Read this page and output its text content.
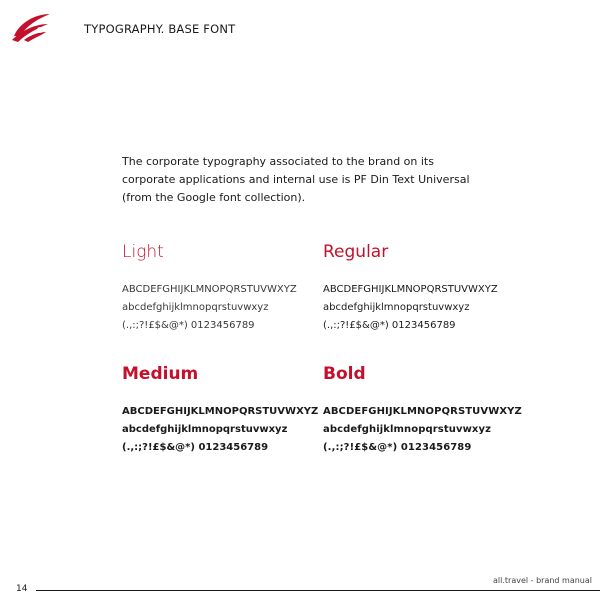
TYPOGRAPHY. BASE FONT
The corporate typography associated to the brand on its corporate applications and internal use is PF Din Text Universal (from the Google font collection).
Light
ABCDEFGHIJKLMNOPQRSTUVWXYZ
abcdefghijklmnopqrstuvwxyz
(.,:;?!£$&@*) 0123456789
Regular
ABCDEFGHIJKLMNOPQRSTUVWXYZ
abcdefghijklmnopqrstuvwxyz
(.,:;?!£$&@*) 0123456789
Medium
ABCDEFGHIJKLMNOPQRSTUVWXYZ
abcdefghijklmnopqrstuvwxyz
(.,:;?!£$&@*) 0123456789
Bold
ABCDEFGHIJKLMNOPQRSTUVWXYZ
abcdefghijklmnopqrstuvwxyz
(.,:;?!£$&@*) 0123456789
all.travel - brand manual
14
